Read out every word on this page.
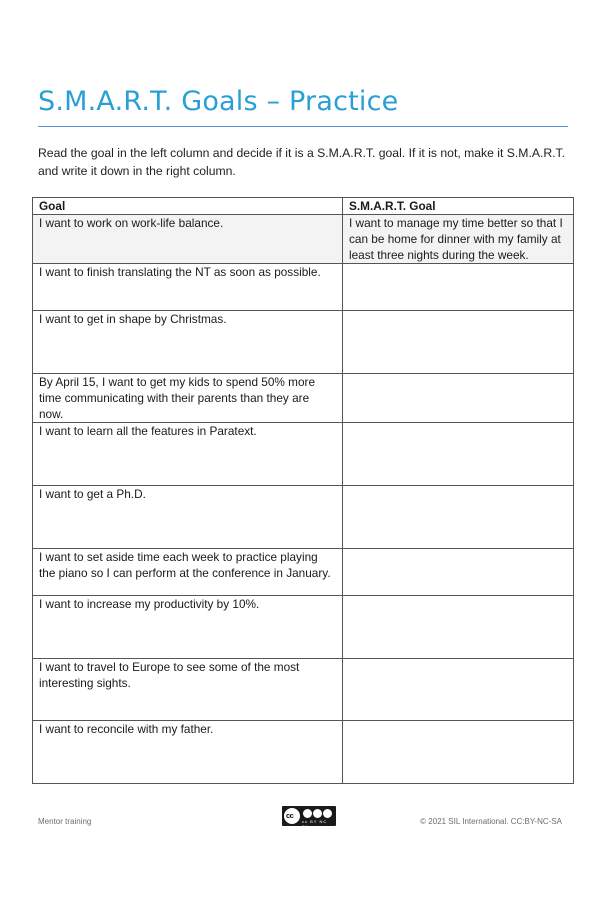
S.M.A.R.T. Goals – Practice

Read the goal in the left column and decide if it is a S.M.A.R.T. goal. If it is not, make it S.M.A.R.T. and write it down in the right column.

Goal	S.M.A.R.T. Goal
I want to work on work-life balance.	I want to manage my time better so that I can be home for dinner with my family at least three nights during the week.
I want to finish translating the NT as soon as possible.	
I want to get in shape by Christmas.	
By April 15, I want to get my kids to spend 50% more time communicating with their parents than they are now.	
I want to learn all the features in Paratext.	
I want to get a Ph.D.	
I want to set aside time each week to practice playing the piano so I can perform at the conference in January.	
I want to increase my productivity by 10%.	
I want to travel to Europe to see some of the most interesting sights.	
I want to reconcile with my father.	
Mentor training
cc
cc BY NC SA
© 2021 SIL International. CC:BY-NC-SA
